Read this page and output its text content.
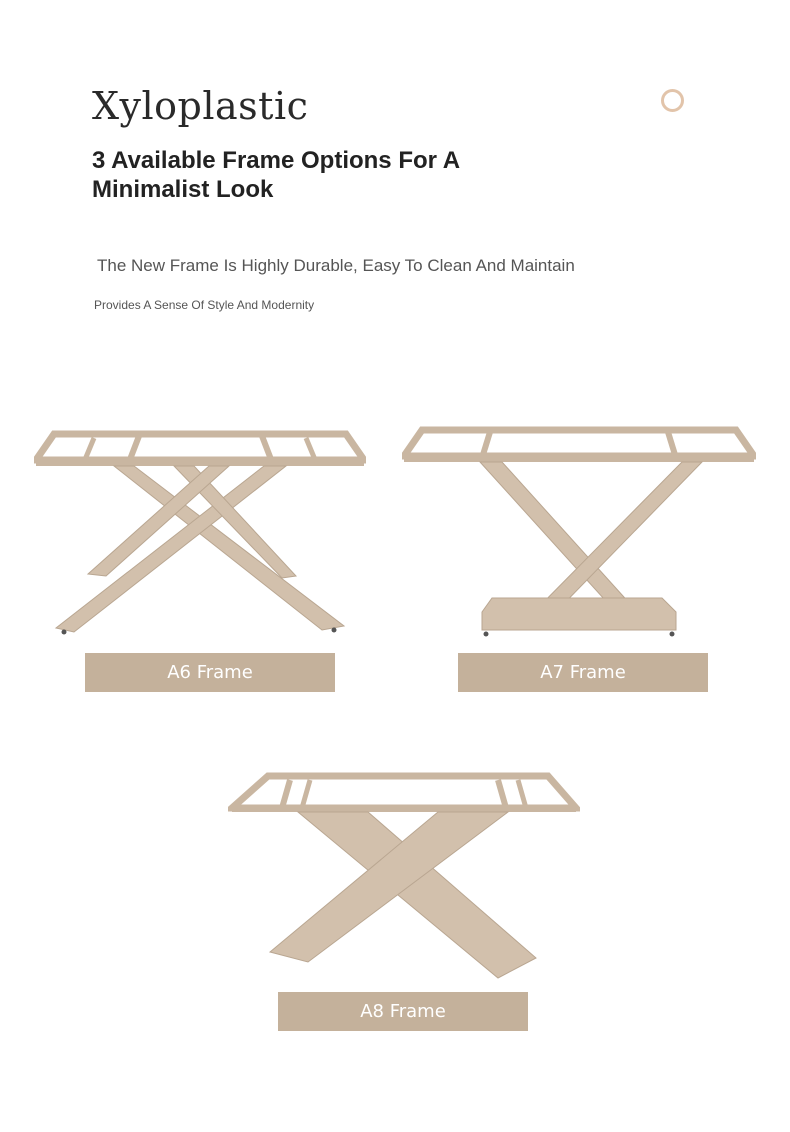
Xyloplastic
3 Available Frame Options For A Minimalist Look
The New Frame Is Highly Durable, Easy To Clean And Maintain
Provides A Sense Of Style And Modernity
A6 Frame	A7 Frame
A8 Frame
